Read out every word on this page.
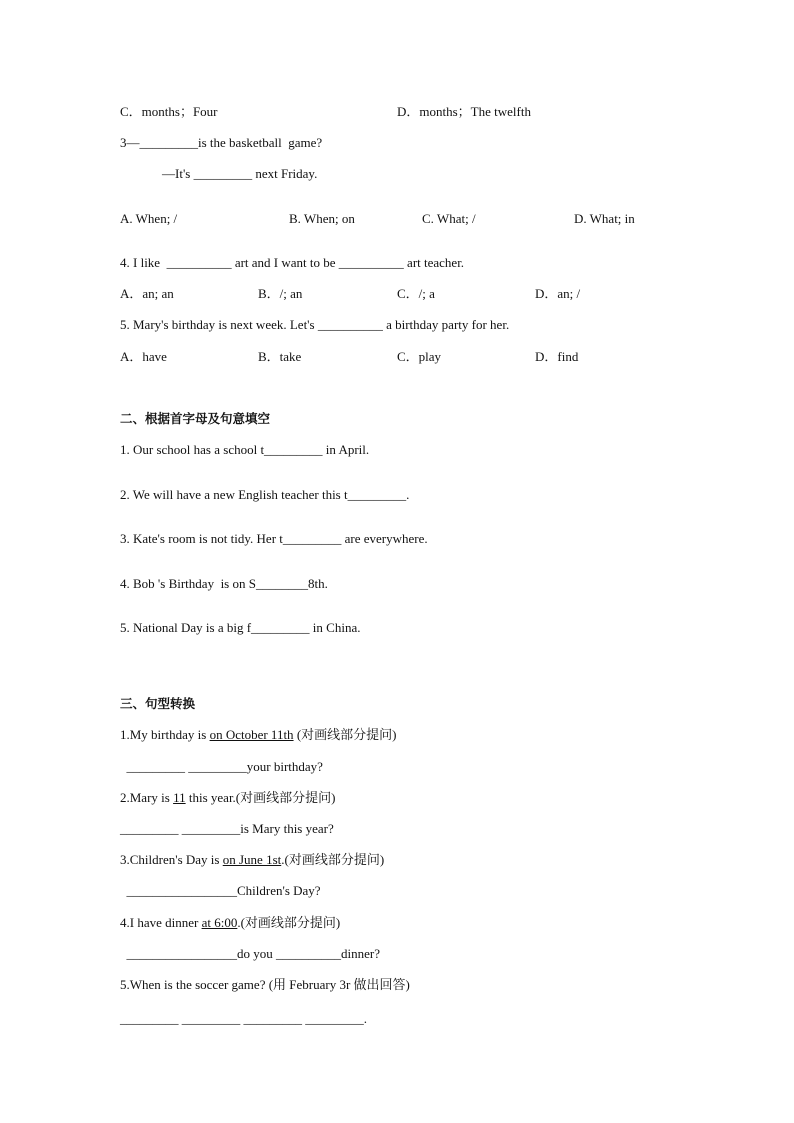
C．months；Four	D．months；The twelfth
3—_________is the basketball  game?
—It's _________ next Friday.
A. When; /	B. When; on	C. What; /	D. What; in
4. I like  __________ art and I want to be __________ art teacher.
A．an; an	B．/; an	C．/; a	D．an; /
5. Mary's birthday is next week. Let's __________ a birthday party for her.
A．have	B．take	C．play	D．find
二、根据首字母及句意填空
1. Our school has a school t_________ in April.
2. We will have a new English teacher this t_________.
3. Kate's room is not tidy. Her t_________ are everywhere.
4. Bob 's Birthday  is on S________8th.
5. National Day is a big f_________ in China.
三、句型转换
1.My birthday is on October 11th (对画线部分提问)
_________ _________your birthday?
2.Mary is 11 this year.(对画线部分提问)
_________ _________is Mary this year?
3.Children's Day is on June 1st.(对画线部分提问)
_________________Children's Day?
4.I have dinner at 6:00.(对画线部分提问)
_________________do you __________dinner?
5.When is the soccer game? (用 February 3r 做出回答)
_________ _________ _________ _________.
